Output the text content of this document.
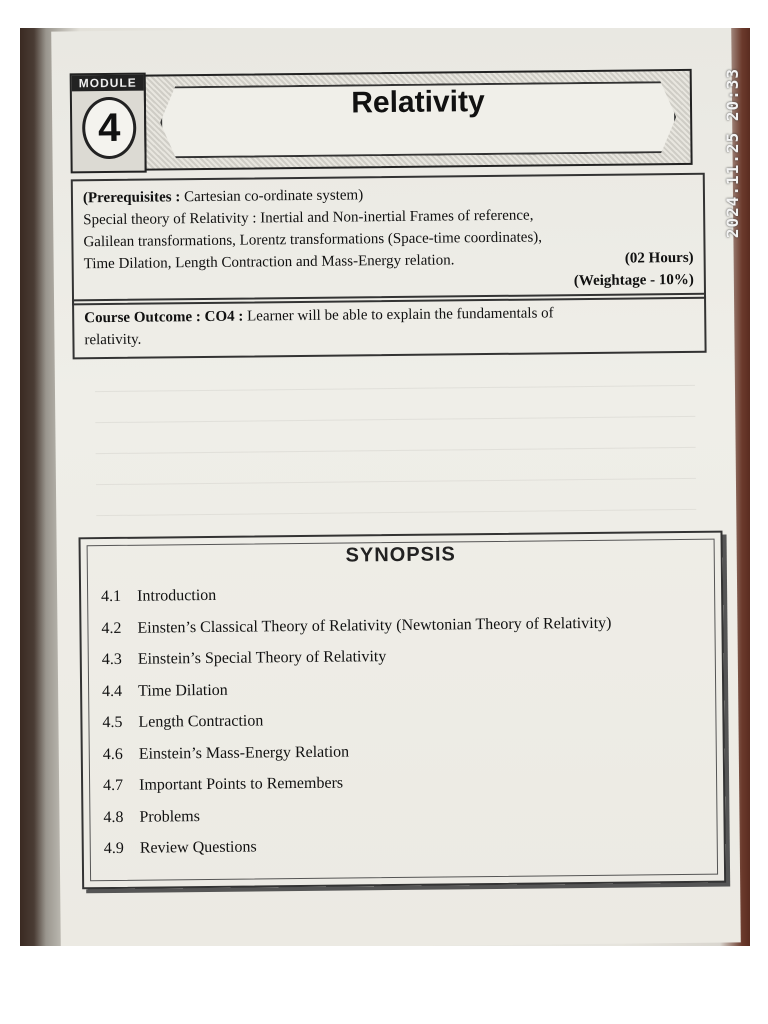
MODULE
4
Relativity
(Prerequisites : Cartesian co-ordinate system)
Special theory of Relativity : Inertial and Non-inertial Frames of reference,
Galilean transformations, Lorentz transformations (Space-time coordinates),
Time Dilation, Length Contraction and Mass-Energy relation.	(02 Hours)
(Weightage - 10%)
Course Outcome : CO4 : Learner will be able to explain the fundamentals of
relativity.
SYNOPSIS
4.1 Introduction
4.2 Einsten’s Classical Theory of Relativity (Newtonian Theory of Relativity)
4.3 Einstein’s Special Theory of Relativity
4.4 Time Dilation
4.5 Length Contraction
4.6 Einstein’s Mass-Energy Relation
4.7 Important Points to Remembers
4.8 Problems
4.9 Review Questions
2024.11.25 20:33
